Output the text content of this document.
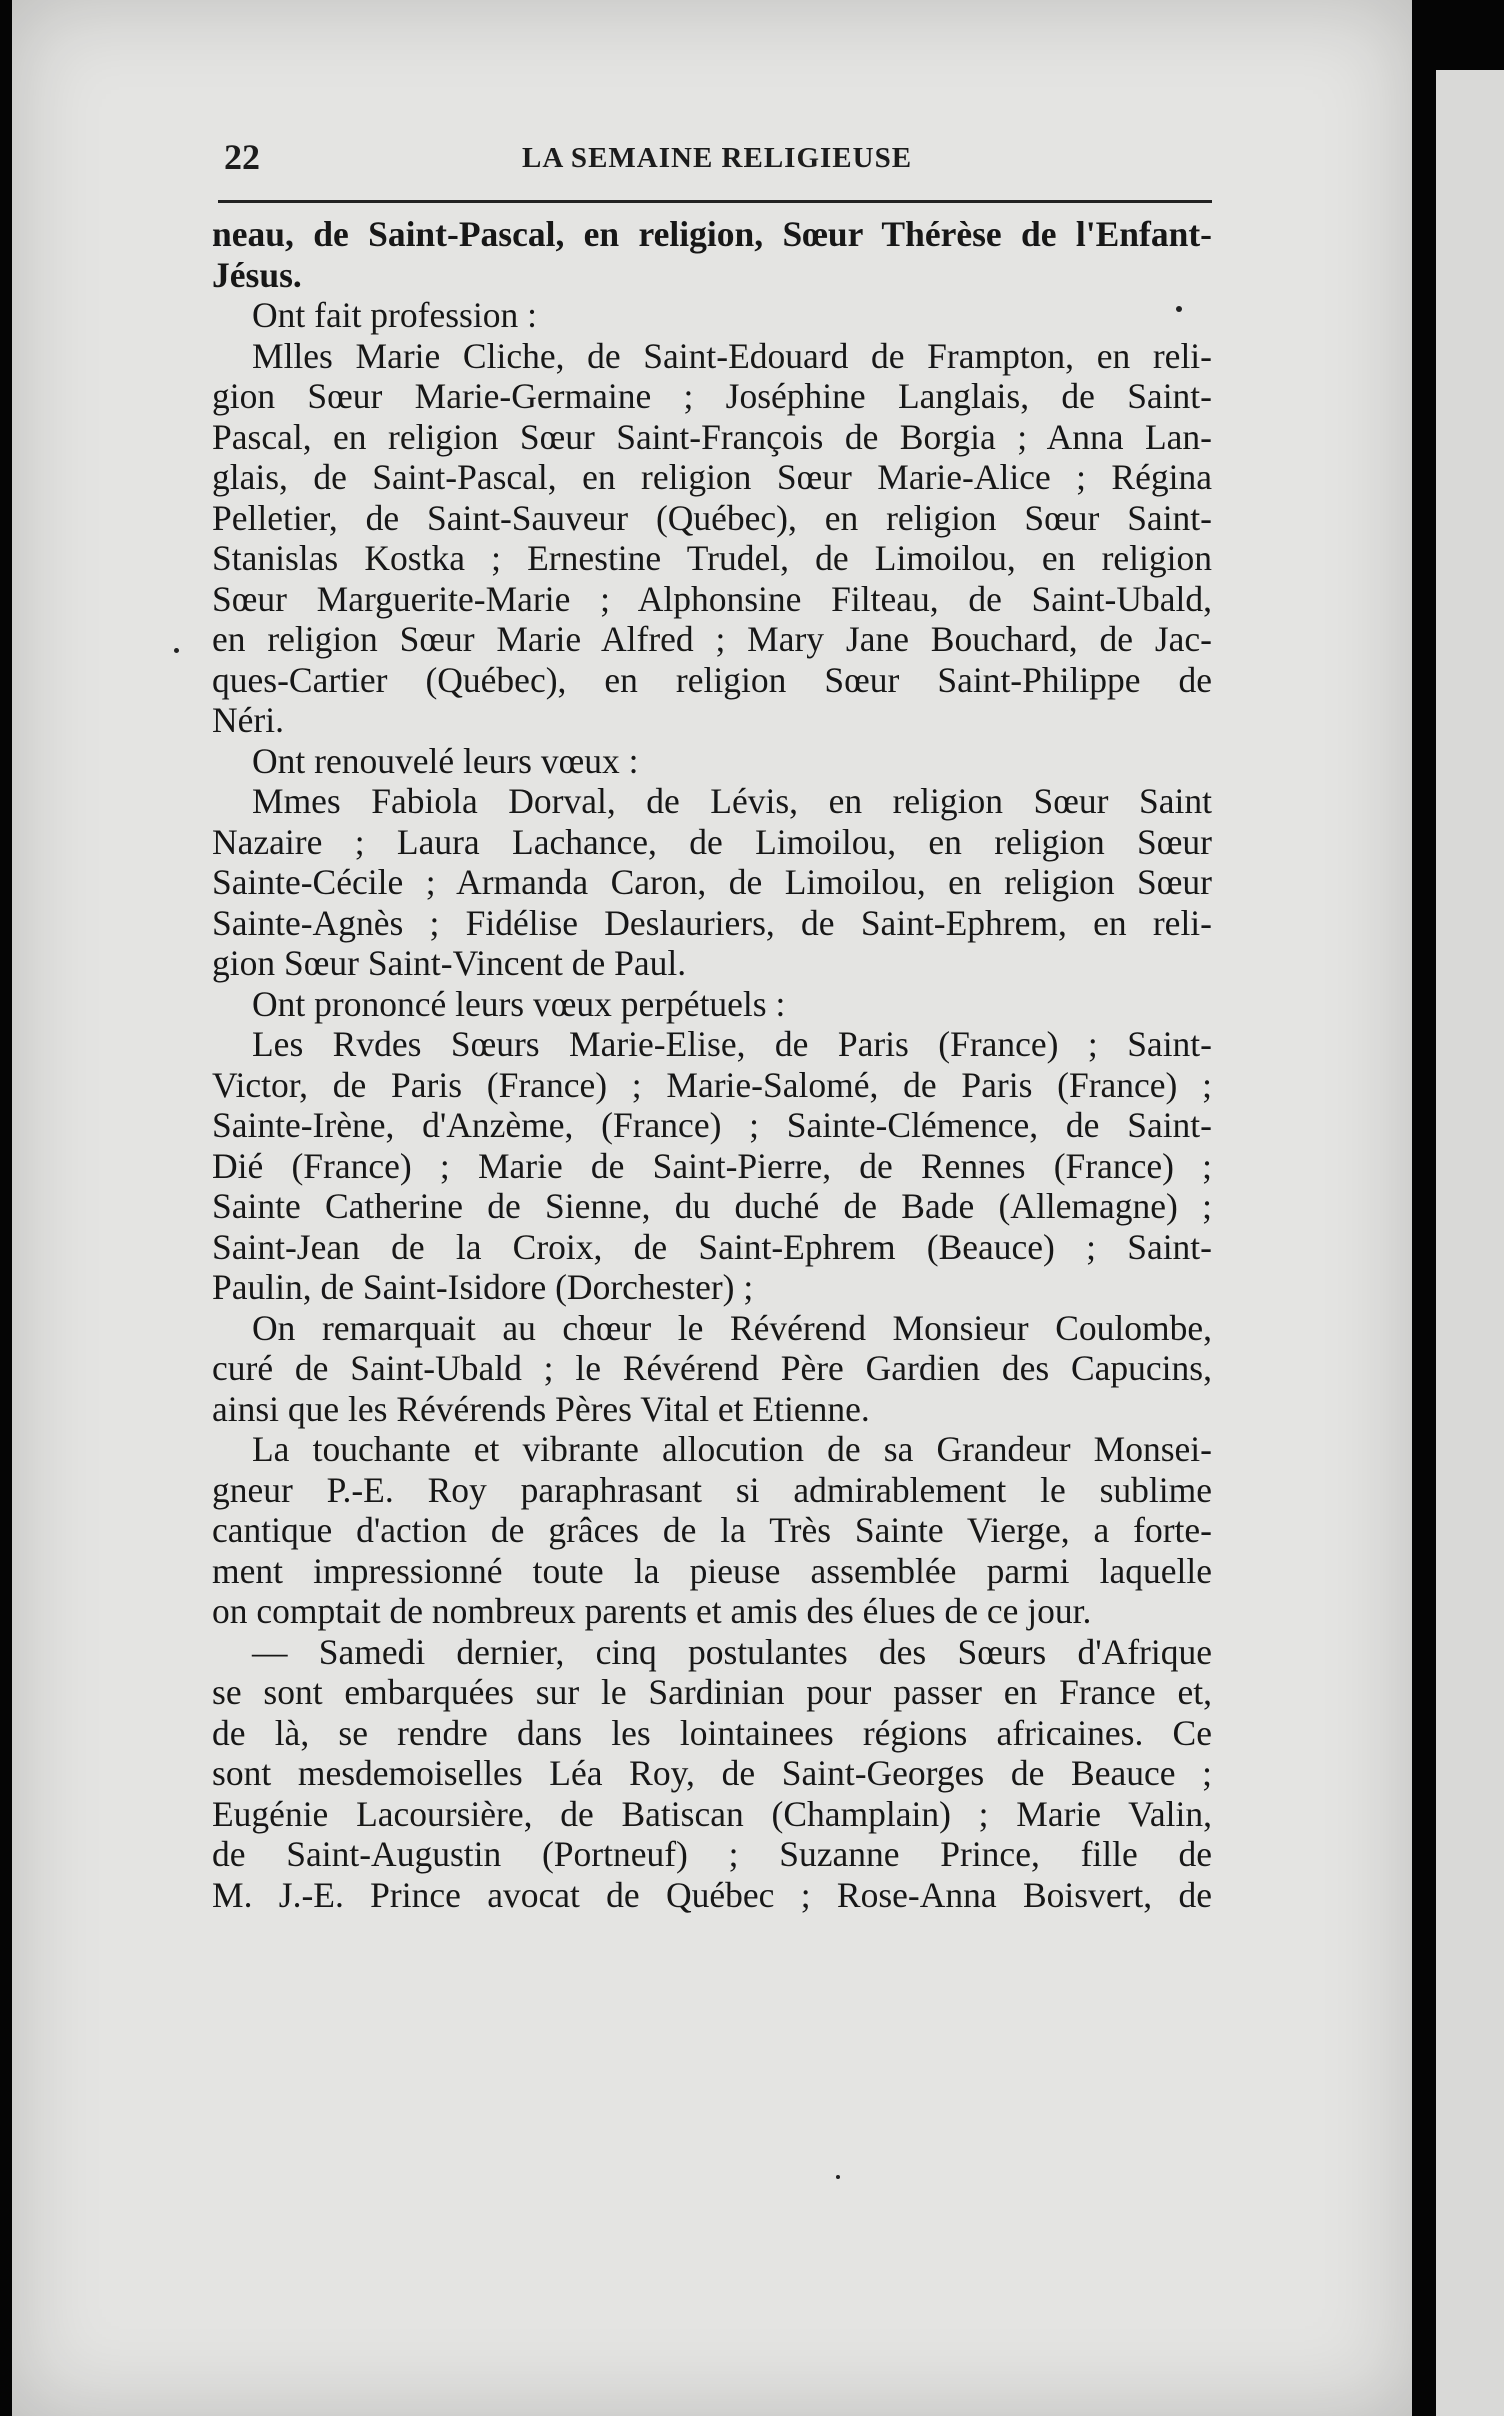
22	LA SEMAINE RELIGIEUSE
neau, de Saint-Pascal, en religion, Sœur Thérèse de l'Enfant-
Jésus.
Ont fait profession :
Mlles Marie Cliche, de Saint-Edouard de Frampton, en reli-
gion Sœur Marie-Germaine ; Joséphine Langlais, de Saint-
Pascal, en religion Sœur Saint-François de Borgia ; Anna Lan-
glais, de Saint-Pascal, en religion Sœur Marie-Alice ; Régina
Pelletier, de Saint-Sauveur (Québec), en religion Sœur Saint-
Stanislas Kostka ; Ernestine Trudel, de Limoilou, en religion
Sœur Marguerite-Marie ; Alphonsine Filteau, de Saint-Ubald,
en religion Sœur Marie Alfred ; Mary Jane Bouchard, de Jac-
ques-Cartier (Québec), en religion Sœur Saint-Philippe de
Néri.
Ont renouvelé leurs vœux :
Mmes Fabiola Dorval, de Lévis, en religion Sœur Saint
Nazaire ; Laura Lachance, de Limoilou, en religion Sœur
Sainte-Cécile ; Armanda Caron, de Limoilou, en religion Sœur
Sainte-Agnès ; Fidélise Deslauriers, de Saint-Ephrem, en reli-
gion Sœur Saint-Vincent de Paul.
Ont prononcé leurs vœux perpétuels :
Les Rvdes Sœurs Marie-Elise, de Paris (France) ; Saint-
Victor, de Paris (France) ; Marie-Salomé, de Paris (France) ;
Sainte-Irène, d'Anzème, (France) ; Sainte-Clémence, de Saint-
Dié (France) ; Marie de Saint-Pierre, de Rennes (France) ;
Sainte Catherine de Sienne, du duché de Bade (Allemagne) ;
Saint-Jean de la Croix, de Saint-Ephrem (Beauce) ; Saint-
Paulin, de Saint-Isidore (Dorchester) ;
On remarquait au chœur le Révérend Monsieur Coulombe,
curé de Saint-Ubald ; le Révérend Père Gardien des Capucins,
ainsi que les Révérends Pères Vital et Etienne.
La touchante et vibrante allocution de sa Grandeur Monsei-
gneur P.-E. Roy paraphrasant si admirablement le sublime
cantique d'action de grâces de la Très Sainte Vierge, a forte-
ment impressionné toute la pieuse assemblée parmi laquelle
on comptait de nombreux parents et amis des élues de ce jour.
— Samedi dernier, cinq postulantes des Sœurs d'Afrique
se sont embarquées sur le Sardinian pour passer en France et,
de là, se rendre dans les lointainees régions africaines. Ce
sont mesdemoiselles Léa Roy, de Saint-Georges de Beauce ;
Eugénie Lacoursière, de Batiscan (Champlain) ; Marie Valin,
de Saint-Augustin (Portneuf) ; Suzanne Prince, fille de
M. J.-E. Prince avocat de Québec ; Rose-Anna Boisvert, de
